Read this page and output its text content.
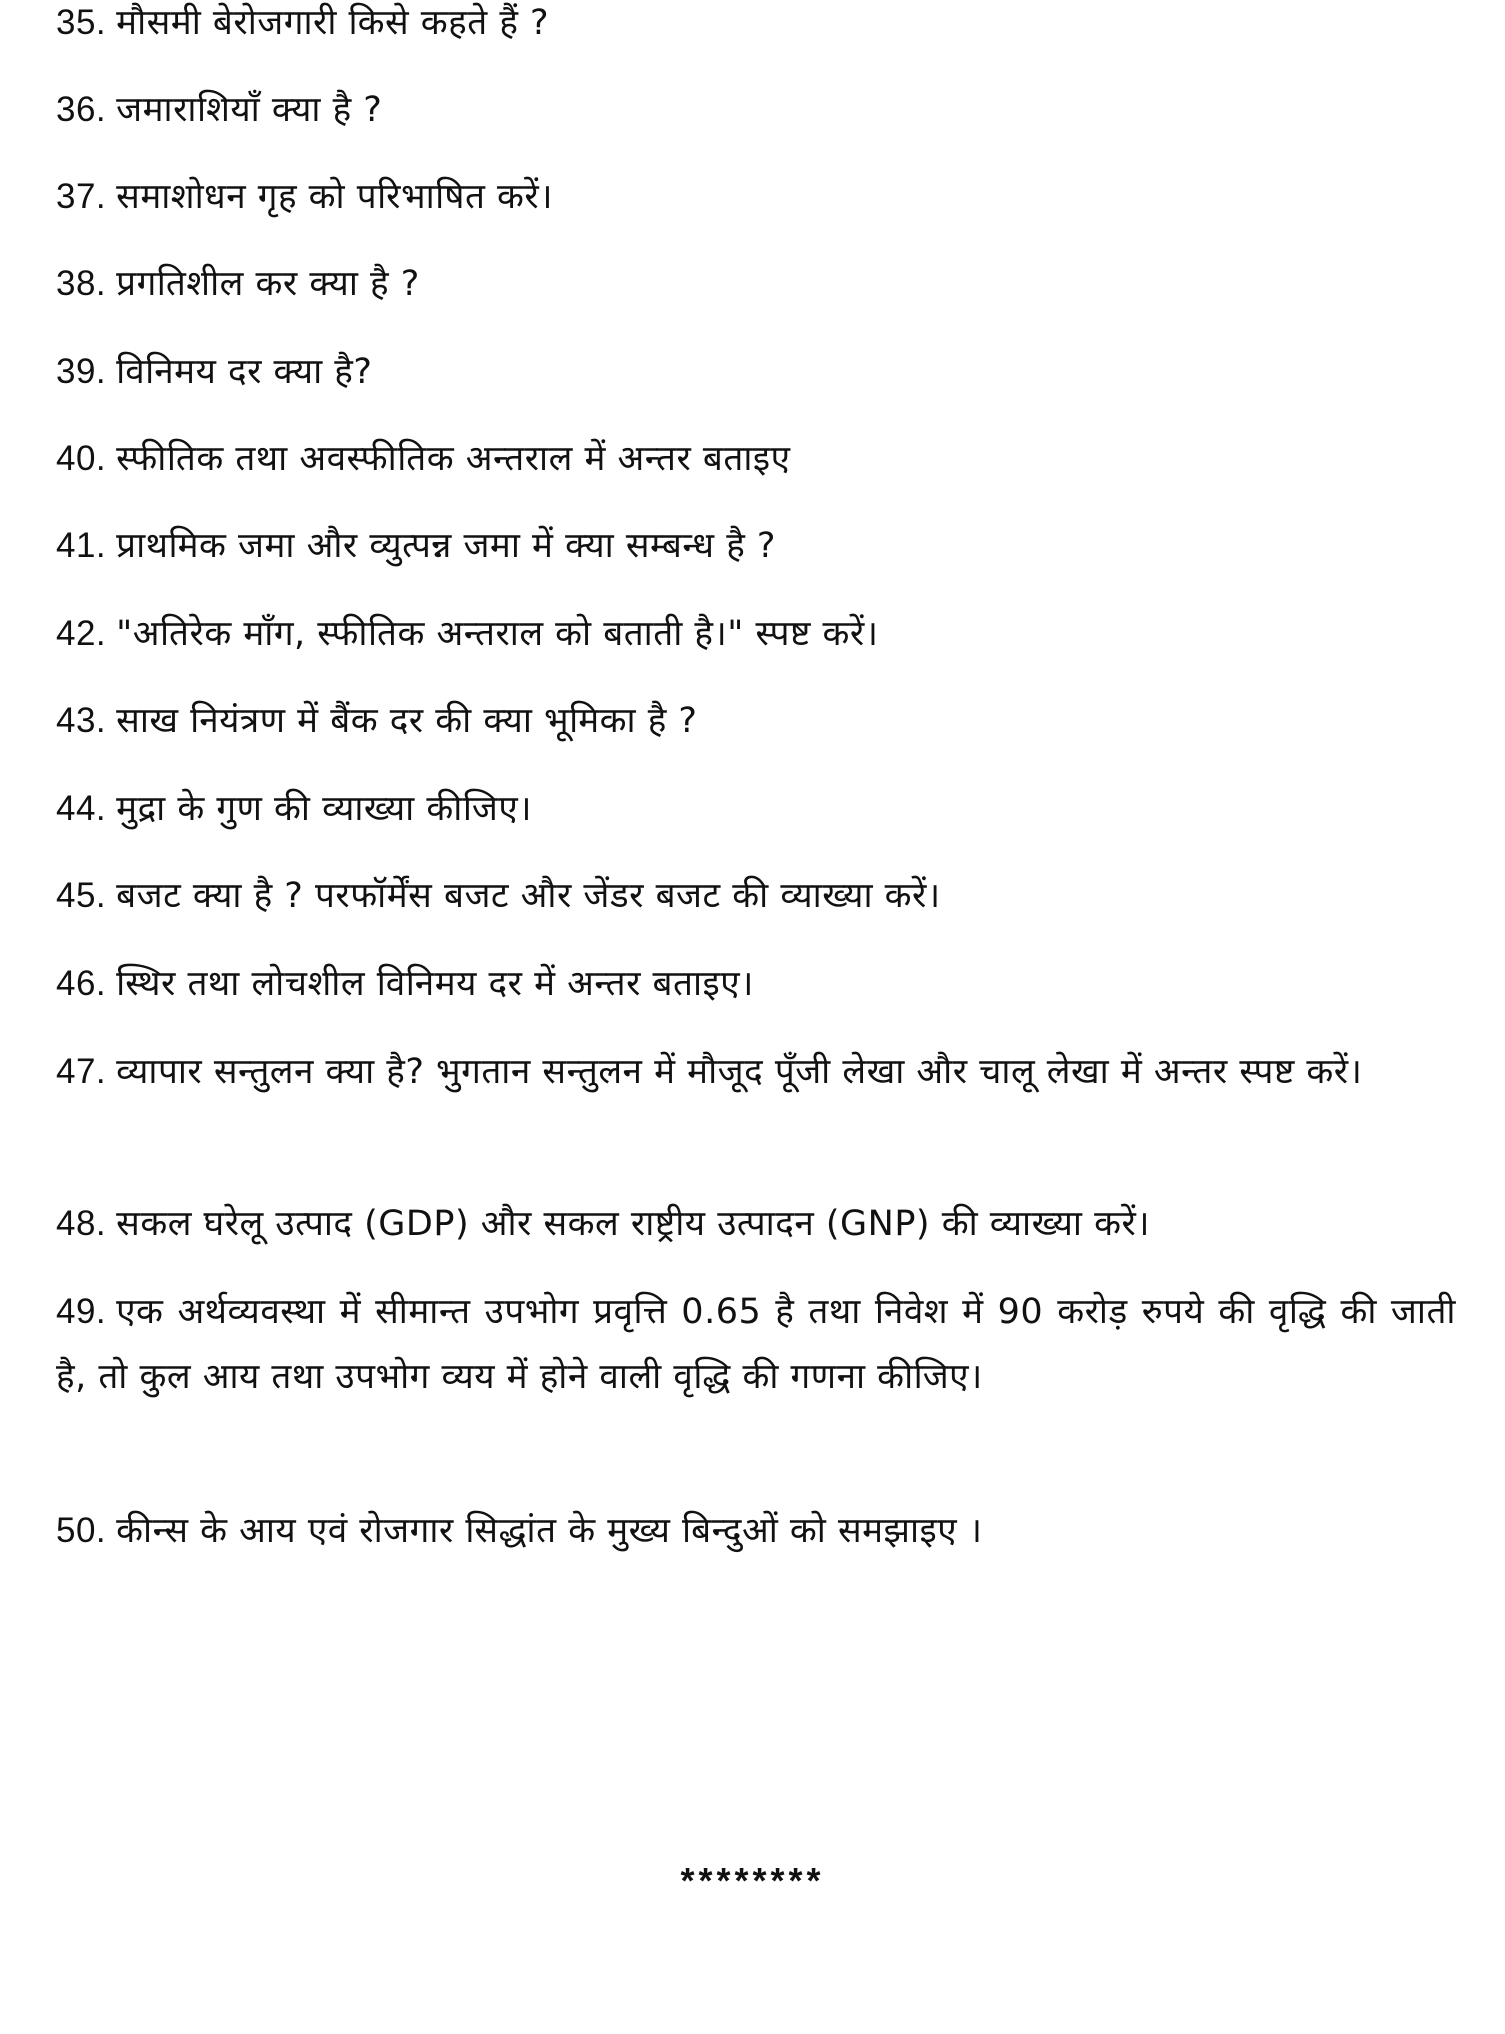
35. मौसमी बेरोजगारी किसे कहते हैं ?
36. जमाराशियाँ क्या है ?
37. समाशोधन गृह को परिभाषित करें।
38. प्रगतिशील कर क्या है ?
39. विनिमय दर क्या है?
40. स्फीतिक तथा अवस्फीतिक अन्तराल में अन्तर बताइए
41. प्राथमिक जमा और व्युत्पन्न जमा में क्या सम्बन्ध है ?
42. "अतिरेक माँग, स्फीतिक अन्तराल को बताती है।" स्पष्ट करें।
43. साख नियंत्रण में बैंक दर की क्या भूमिका है ?
44. मुद्रा के गुण की व्याख्या कीजिए।
45. बजट क्या है ? परफॉर्मेंस बजट और जेंडर बजट की व्याख्या करें।
46. स्थिर तथा लोचशील विनिमय दर में अन्तर बताइए।
47. व्यापार सन्तुलन क्या है? भुगतान सन्तुलन में मौजूद पूँजी लेखा और चालू लेखा में अन्तर स्पष्ट करें।
48. सकल घरेलू उत्पाद (GDP) और सकल राष्ट्रीय उत्पादन (GNP) की व्याख्या करें।
49. एक अर्थव्यवस्था में सीमान्त उपभोग प्रवृत्ति 0.65 है तथा निवेश में 90 करोड़ रुपये की वृद्धि की जाती है, तो कुल आय तथा उपभोग व्यय में होने वाली वृद्धि की गणना कीजिए।
50. कीन्स के आय एवं रोजगार सिद्धांत के मुख्य बिन्दुओं को समझाइए ।
********
